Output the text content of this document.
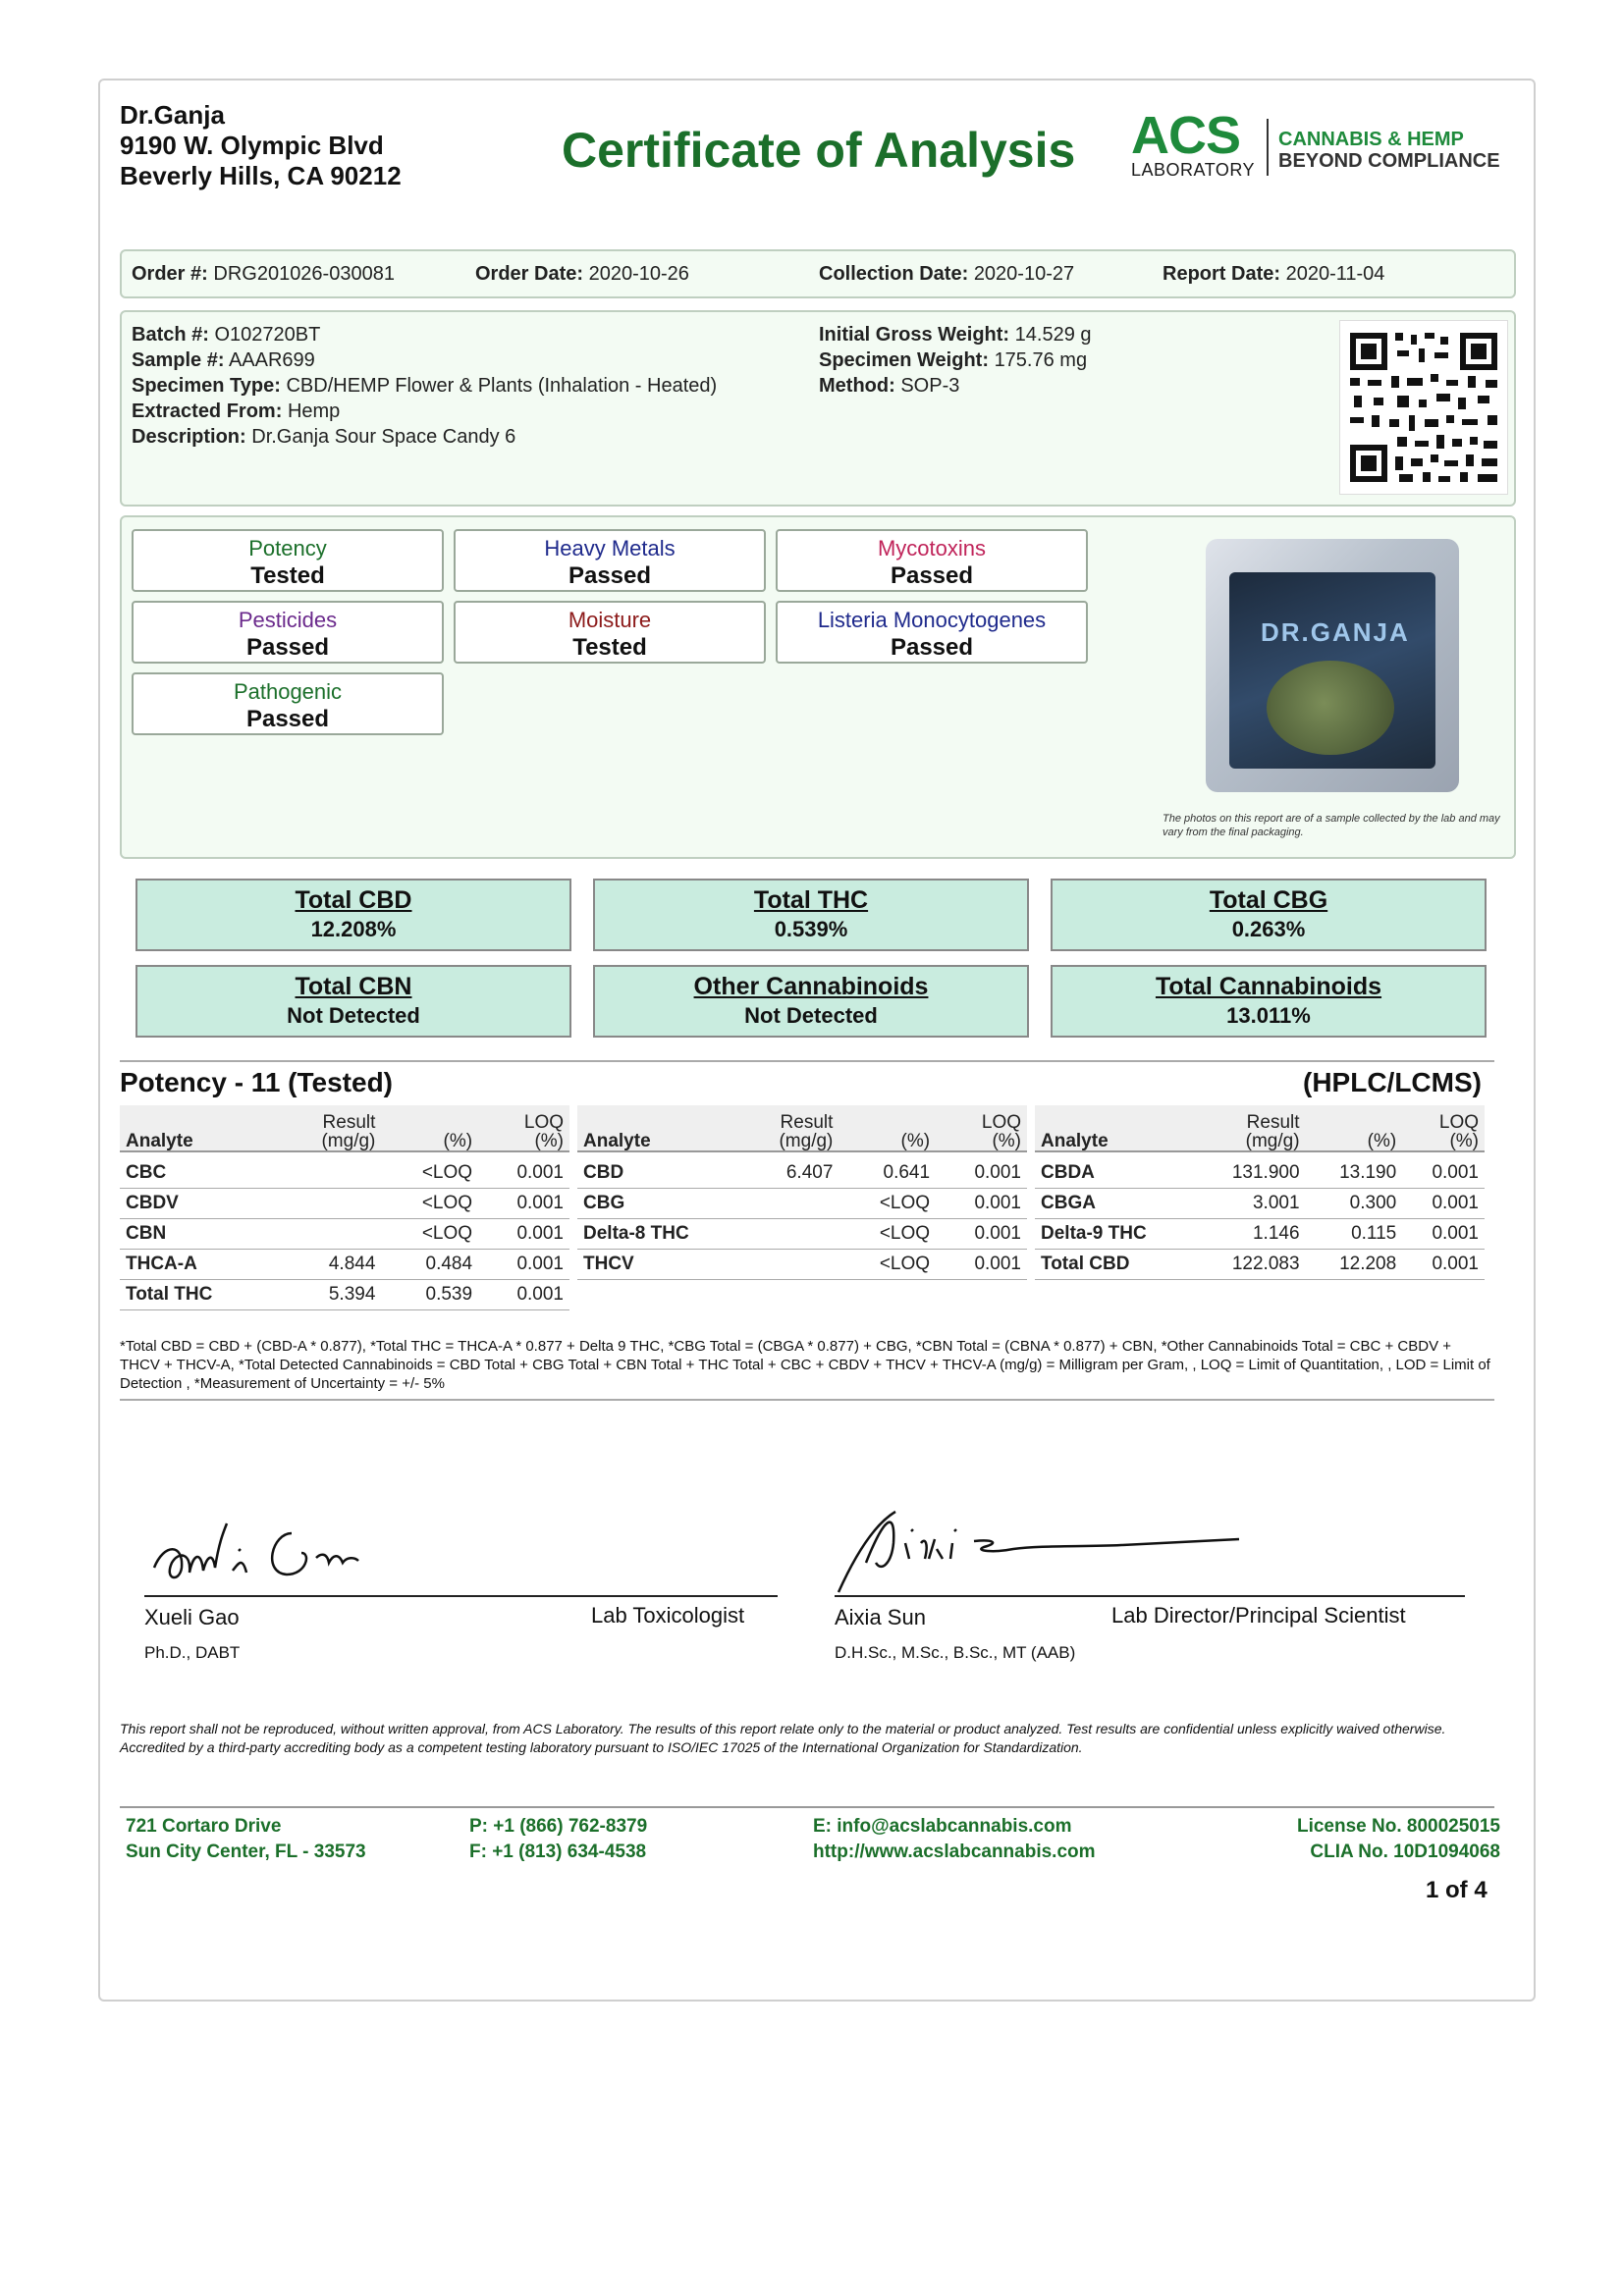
Dr.Ganja
9190 W. Olympic Blvd
Beverly Hills, CA 90212	Certificate of Analysis ACS
LABORATORY
CANNABIS & HEMP
BEYOND COMPLIANCE
Order #: DRG201026-030081	Order Date: 2020-10-26	Collection Date: 2020-10-27	Report Date: 2020-11-04
Batch #: O102720BT
Sample #: AAAR699
Specimen Type: CBD/HEMP Flower & Plants (Inhalation - Heated)
Extracted From: Hemp
Description: Dr.Ganja Sour Space Candy 6
Initial Gross Weight: 14.529 g
Specimen Weight: 175.76 mg
Method: SOP-3
Potency
Tested
Heavy Metals
Passed
Mycotoxins
Passed
Pesticides
Passed
Moisture
Tested
Listeria Monocytogenes
Passed
Pathogenic
Passed
DR.GANJA
The photos on this report are of a sample collected by the lab and may vary from the final packaging.
Total CBD
12.208%
Total THC
0.539%
Total CBG
0.263%
Total CBN
Not Detected
Other Cannabinoids
Not Detected
Total Cannabinoids
13.011%
Potency - 11 (Tested)	(HPLC/LCMS)
Analyte	Result
(mg/g)	(%)	LOQ
(%)
CBC		<LOQ	0.001
CBDV		<LOQ	0.001
CBN		<LOQ	0.001
THCA-A	4.844	0.484	0.001
Total THC	5.394	0.539	0.001
Analyte	Result
(mg/g)	(%)	LOQ
(%)
CBD	6.407	0.641	0.001
CBG		<LOQ	0.001
Delta-8 THC		<LOQ	0.001
THCV		<LOQ	0.001
Analyte	Result
(mg/g)	(%)	LOQ
(%)
CBDA	131.900	13.190	0.001
CBGA	3.001	0.300	0.001
Delta-9 THC	1.146	0.115	0.001
Total CBD	122.083	12.208	0.001
*Total CBD = CBD + (CBD-A * 0.877), *Total THC = THCA-A * 0.877 + Delta 9 THC, *CBG Total = (CBGA * 0.877) + CBG, *CBN Total = (CBNA * 0.877) + CBN, *Other Cannabinoids Total = CBC + CBDV + THCV + THCV-A, *Total Detected Cannabinoids = CBD Total + CBG Total + CBN Total + THC Total + CBC + CBDV + THCV + THCV-A (mg/g) = Milligram per Gram, , LOQ = Limit of Quantitation, , LOD = Limit of Detection , *Measurement of Uncertainty = +/- 5%
Xueli Gao	Lab Toxicologist
Ph.D., DABT
Aixia Sun	Lab Director/Principal Scientist
D.H.Sc., M.Sc., B.Sc., MT (AAB)
This report shall not be reproduced, without written approval, from ACS Laboratory. The results of this report relate only to the material or product analyzed. Test results are confidential unless explicitly waived otherwise. Accredited by a third-party accrediting body as a competent testing laboratory pursuant to ISO/IEC 17025 of the International Organization for Standardization.
721 Cortaro Drive
Sun City Center, FL - 33573
P: +1 (866) 762-8379
F: +1 (813) 634-4538
E: info@acslabcannabis.com
http://www.acslabcannabis.com
License No. 800025015
CLIA No. 10D1094068
1 of 4
